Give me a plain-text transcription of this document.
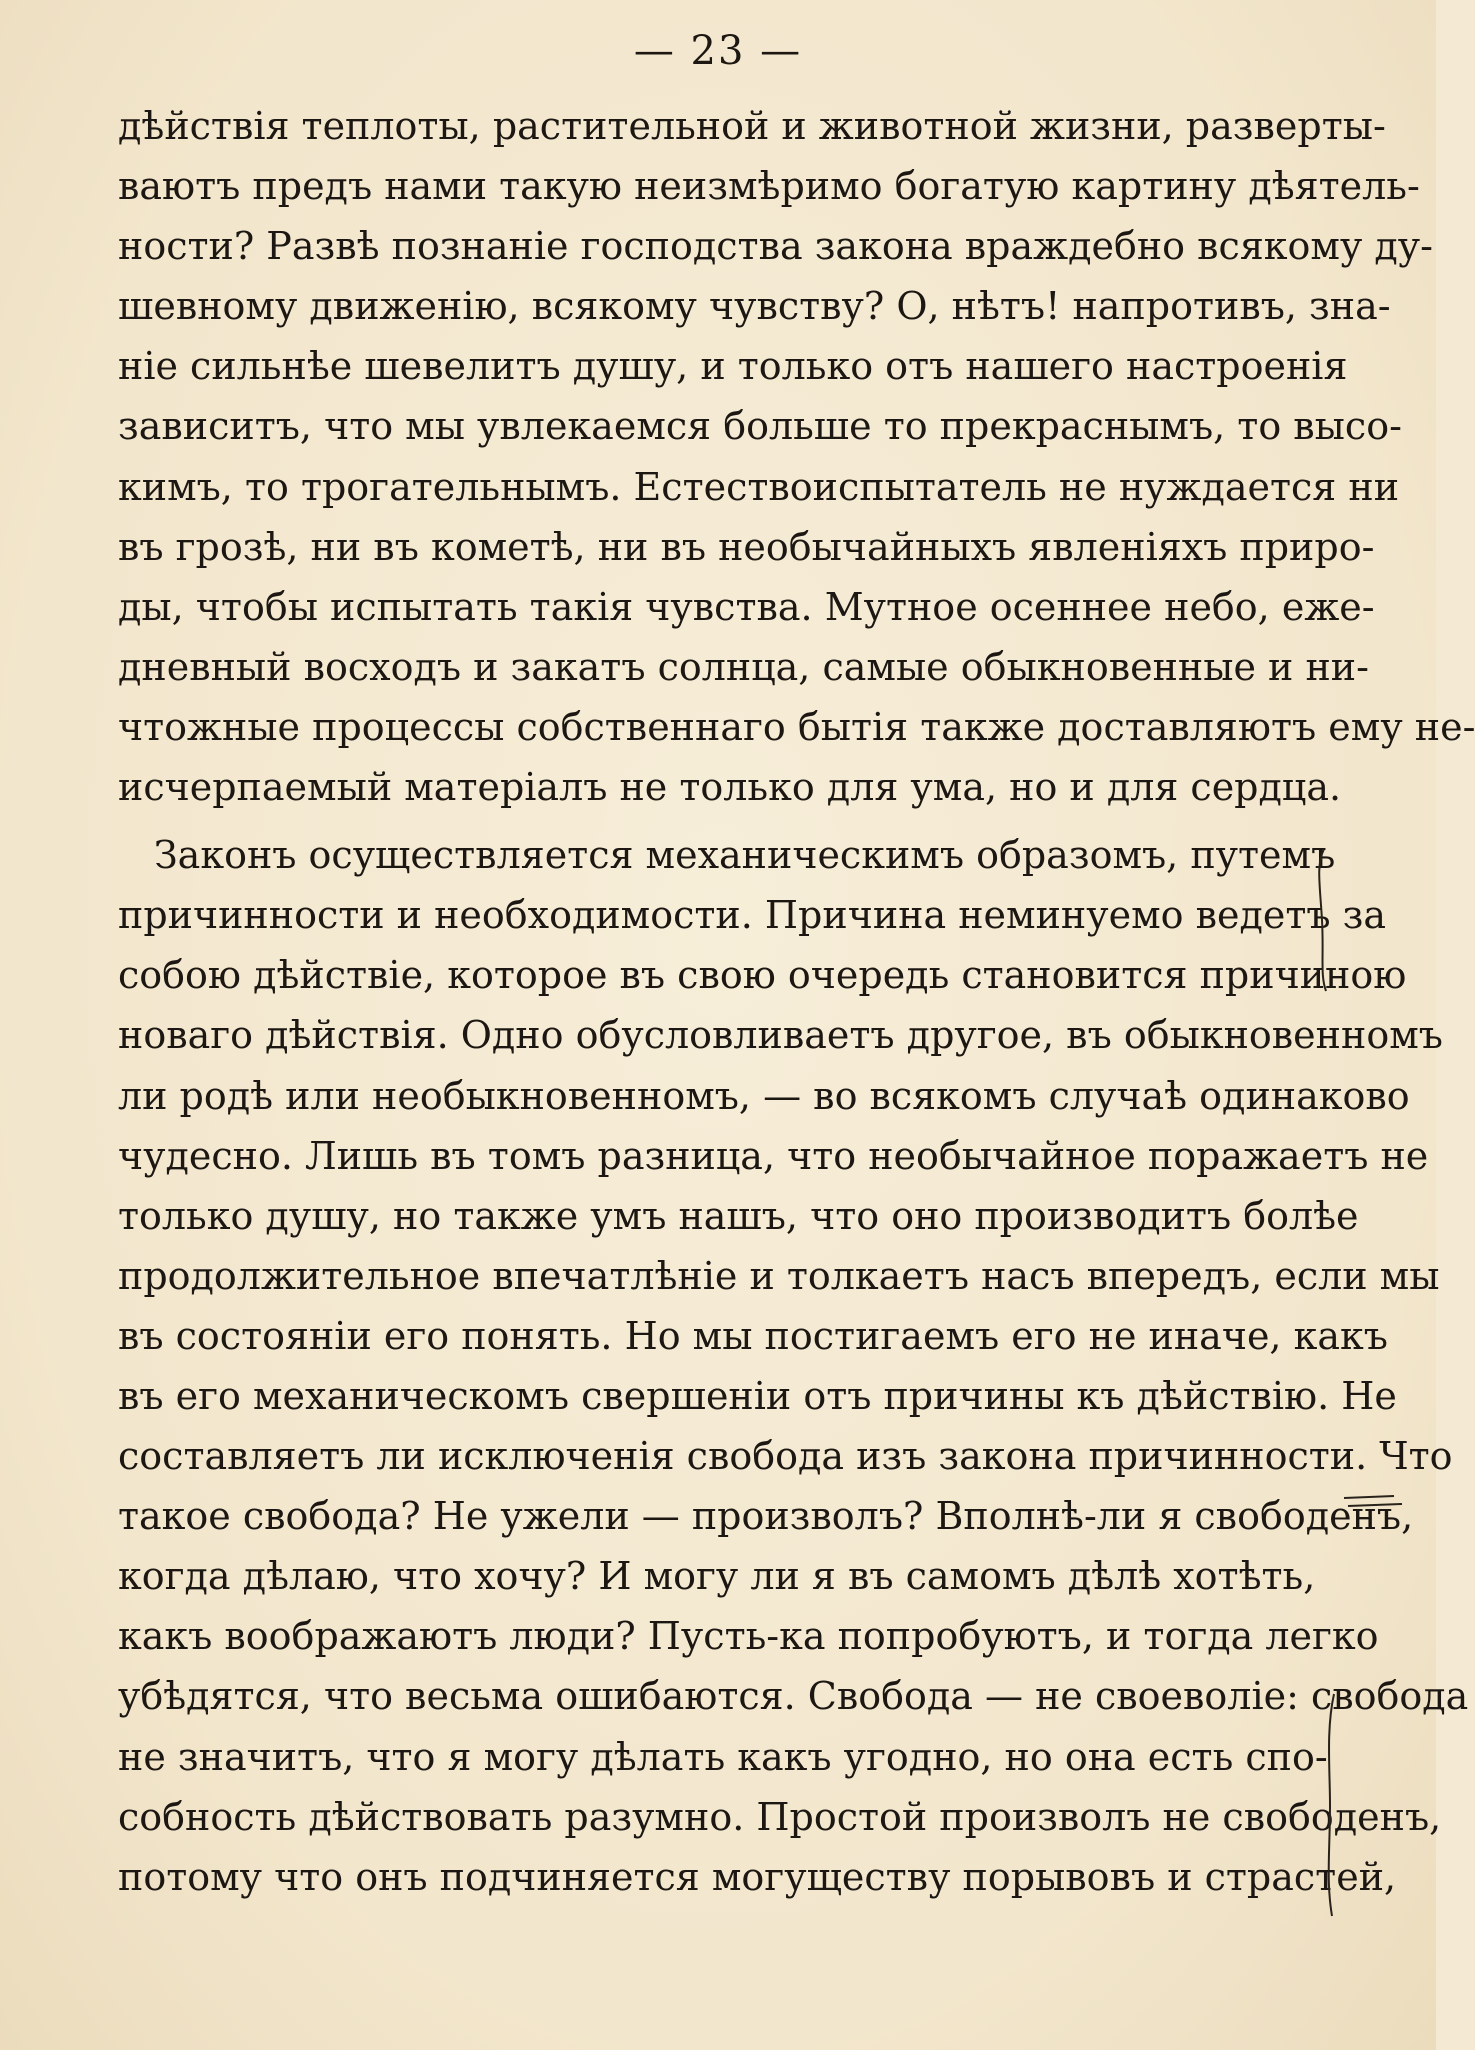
— 23 —
дѣйствія теплоты, растительной и животной жизни, разверты-
ваютъ предъ нами такую неизмѣримо богатую картину дѣятель-
ности? Развѣ познаніе господства закона враждебно всякому ду-
шевному движенію, всякому чувству? О, нѣтъ! напротивъ, зна-
ніе сильнѣе шевелитъ душу, и только отъ нашего настроенія
зависитъ, что мы увлекаемся больше то прекраснымъ, то высо-
кимъ, то трогательнымъ. Естествоиспытатель не нуждается ни
въ грозѣ, ни въ кометѣ, ни въ необычайныхъ явленіяхъ приро-
ды, чтобы испытать такія чувства. Мутное осеннее небо, еже-
дневный восходъ и закатъ солнца, самые обыкновенные и ни-
чтожные процессы собственнаго бытія также доставляютъ ему не-
исчерпаемый матеріалъ не только для ума, но и для сердца.
Законъ осуществляется механическимъ образомъ, путемъ
причинности и необходимости. Причина неминуемо ведетъ за
собою дѣйствіе, которое въ свою очередь становится причиною
новаго дѣйствія. Одно обусловливаетъ другое, въ обыкновенномъ
ли родѣ или необыкновенномъ, — во всякомъ случаѣ одинаково
чудесно. Лишь въ томъ разница, что необычайное поражаетъ не
только душу, но также умъ нашъ, что оно производитъ болѣе
продолжительное впечатлѣніе и толкаетъ насъ впередъ, если мы
въ состояніи его понять. Но мы постигаемъ его не иначе, какъ
въ его механическомъ свершеніи отъ причины къ дѣйствію. Не
составляетъ ли исключенія свобода изъ закона причинности. Что
такое свобода? Не ужели — произволъ? Вполнѣ-ли я свободенъ,
когда дѣлаю, что хочу? И могу ли я въ самомъ дѣлѣ хотѣть,
какъ воображаютъ люди? Пусть-ка попробуютъ, и тогда легко
убѣдятся, что весьма ошибаются. Свобода — не своеволіе: свобода
не значитъ, что я могу дѣлать какъ угодно, но она есть спо-
собность дѣйствовать разумно. Простой произволъ не свободенъ,
потому что онъ подчиняется могуществу порывовъ и страстей,
